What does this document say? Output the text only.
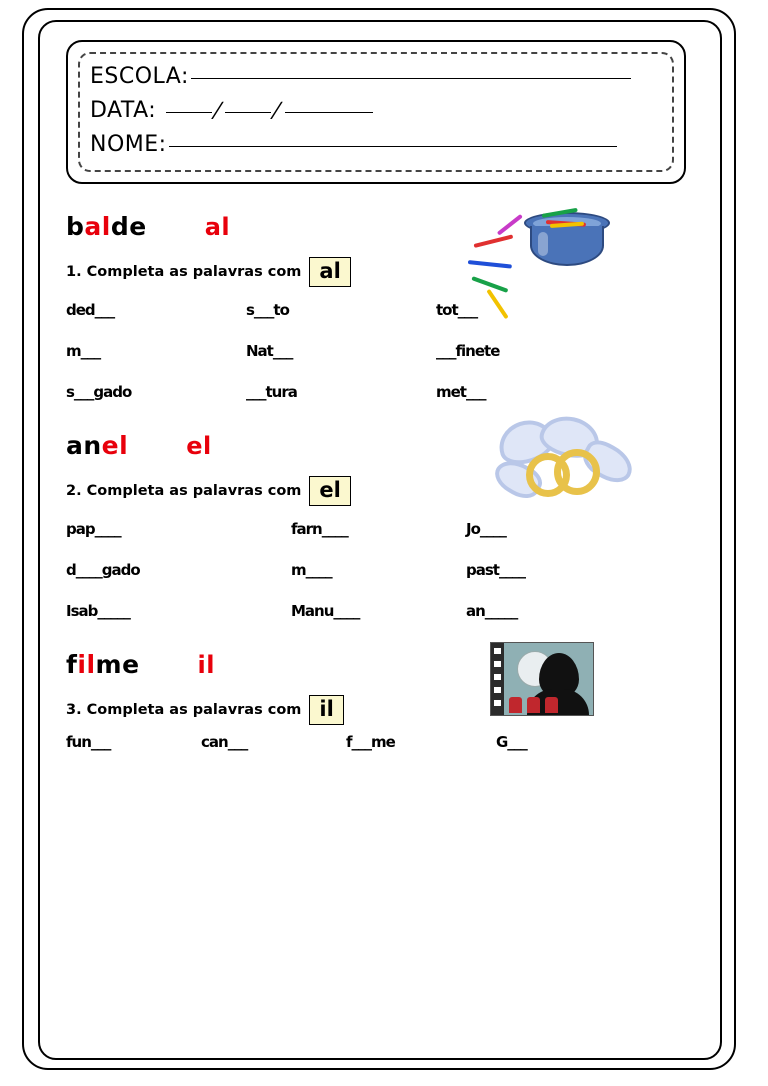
ESCOLA:
DATA:	/ /
NOME:
balde al
1. Completa as palavras com al
ded___	s___to	tot___
m___	Nat___	___finete
s___gado	___tura	met___
anel el
2. Completa as palavras com el
pap____	farn____	Jo____
d____gado	m____	past____
Isab_____	Manu____	an_____
filme il
3. Completa as palavras com il
fun___	can___	f___me	G___
